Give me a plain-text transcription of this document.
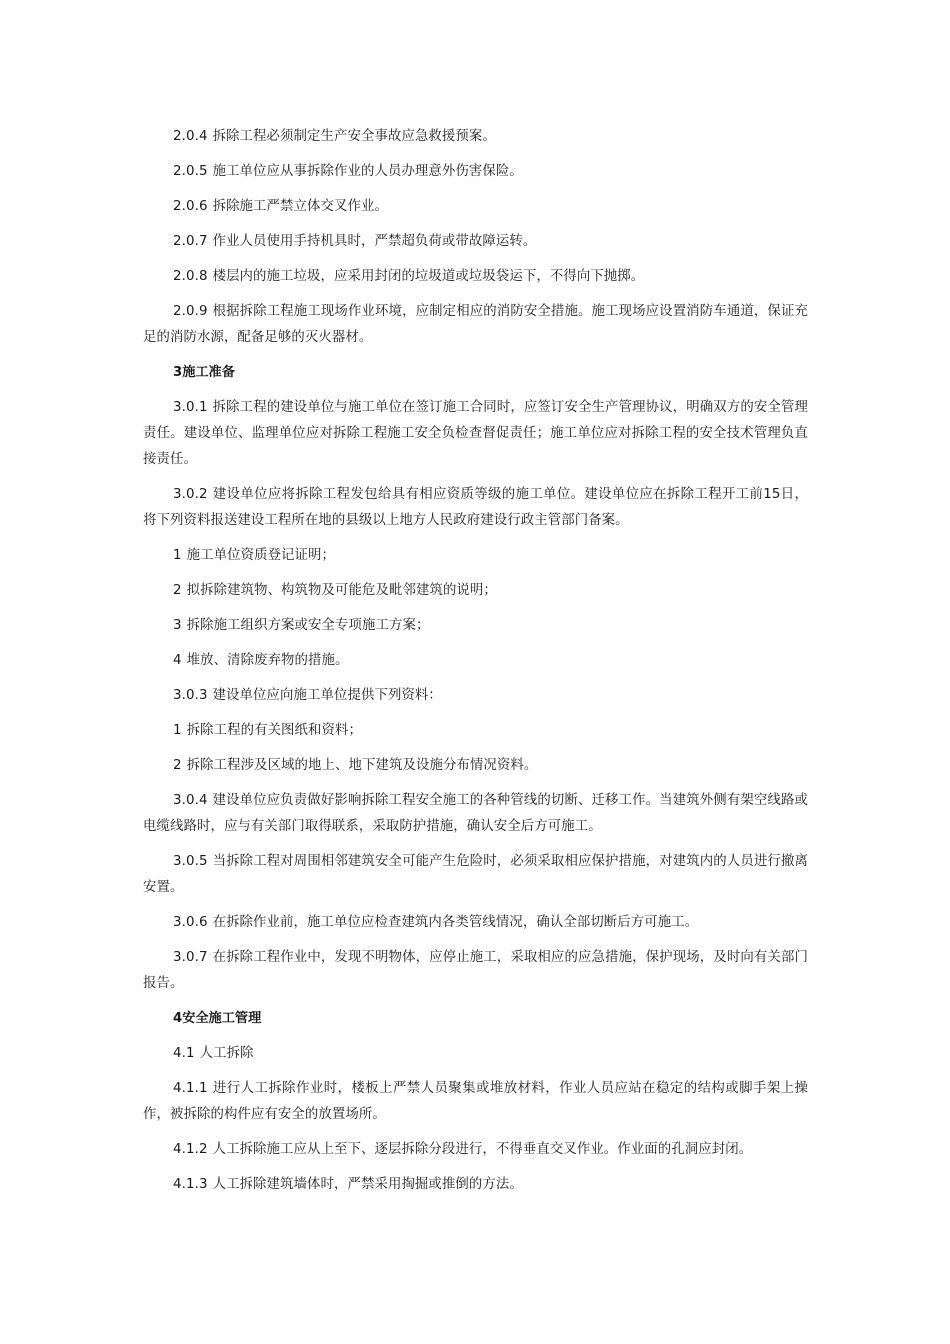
2.0.4 拆除工程必须制定生产安全事故应急救援预案。

2.0.5 施工单位应从事拆除作业的人员办理意外伤害保险。

2.0.6 拆除施工严禁立体交叉作业。

2.0.7 作业人员使用手持机具时，严禁超负荷或带故障运转。

2.0.8 楼层内的施工垃圾，应采用封闭的垃圾道或垃圾袋运下，不得向下抛掷。

2.0.9 根据拆除工程施工现场作业环境，应制定相应的消防安全措施。施工现场应设置消防车通道，保证充足的消防水源，配备足够的灭火器材。

3施工准备

3.0.1 拆除工程的建设单位与施工单位在签订施工合同时，应签订安全生产管理协议，明确双方的安全管理责任。建设单位、监理单位应对拆除工程施工安全负检查督促责任；施工单位应对拆除工程的安全技术管理负直接责任。

3.0.2 建设单位应将拆除工程发包给具有相应资质等级的施工单位。建设单位应在拆除工程开工前15日，将下列资料报送建设工程所在地的县级以上地方人民政府建设行政主管部门备案。

1 施工单位资质登记证明；

2 拟拆除建筑物、构筑物及可能危及毗邻建筑的说明；

3 拆除施工组织方案或安全专项施工方案；

4 堆放、清除废弃物的措施。

3.0.3 建设单位应向施工单位提供下列资料：

1 拆除工程的有关图纸和资料；

2 拆除工程涉及区域的地上、地下建筑及设施分布情况资料。

3.0.4 建设单位应负责做好影响拆除工程安全施工的各种管线的切断、迁移工作。当建筑外侧有架空线路或电缆线路时，应与有关部门取得联系，采取防护措施，确认安全后方可施工。

3.0.5 当拆除工程对周围相邻建筑安全可能产生危险时，必须采取相应保护措施，对建筑内的人员进行撤离安置。

3.0.6 在拆除作业前，施工单位应检查建筑内各类管线情况，确认全部切断后方可施工。

3.0.7 在拆除工程作业中，发现不明物体，应停止施工，采取相应的应急措施，保护现场，及时向有关部门报告。

4安全施工管理

4.1 人工拆除

4.1.1 进行人工拆除作业时，楼板上严禁人员聚集或堆放材料，作业人员应站在稳定的结构或脚手架上操作，被拆除的构件应有安全的放置场所。

4.1.2 人工拆除施工应从上至下、逐层拆除分段进行，不得垂直交叉作业。作业面的孔洞应封闭。

4.1.3 人工拆除建筑墙体时，严禁采用掏掘或推倒的方法。
